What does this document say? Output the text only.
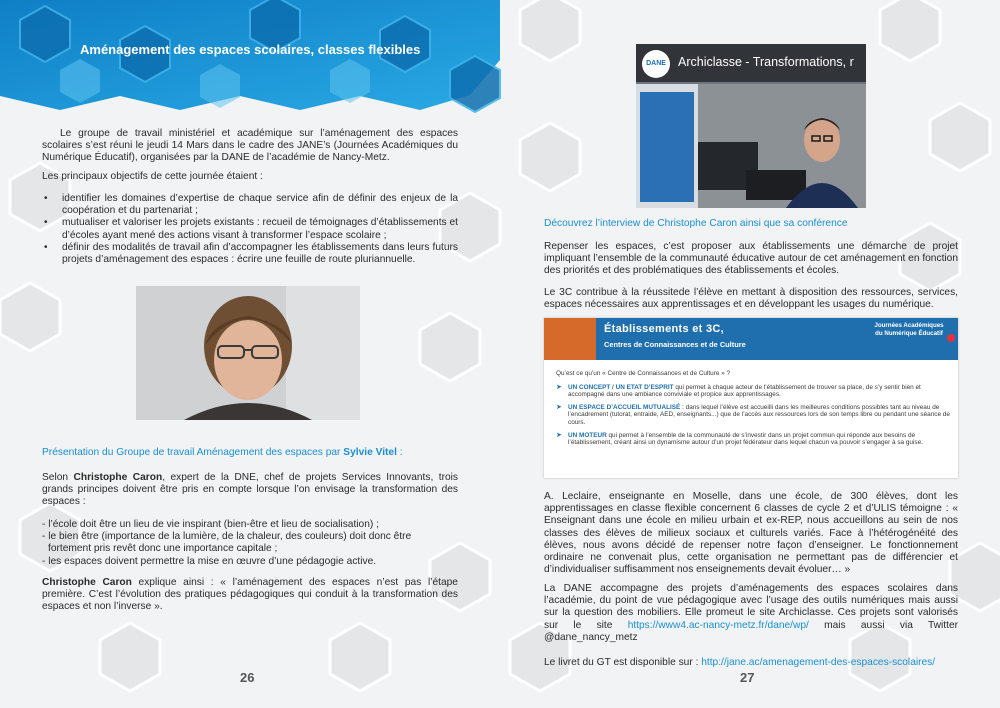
Aménagement des espaces scolaires, classes flexibles
Le groupe de travail ministériel et académique sur l’aménagement des espaces scolaires s’est réuni le jeudi 14 Mars dans le cadre des JANE’s (Journées Académiques du Numérique Éducatif), organisées par la DANE de l’académie de Nancy-Metz.
Les principaux objectifs de cette journée étaient :
• identifier les domaines d’expertise de chaque service afin de définir des enjeux de la coopération et du partenariat ;
• mutualiser et valoriser les projets existants : recueil de témoignages d’établissements et d’écoles ayant mené des actions visant à transformer l’espace scolaire ;
• définir des modalités de travail afin d’accompagner les établissements dans leurs futurs projets d’aménagement des espaces : écrire une feuille de route pluriannuelle.
Présentation du Groupe de travail Aménagement des espaces par Sylvie Vitel :
Selon Christophe Caron, expert de la DNE, chef de projets Services Innovants, trois grands principes doivent être pris en compte lorsque l’on envisage la transformation des espaces :
- l’école doit être un lieu de vie inspirant (bien-être et lieu de socialisation) ;
- le bien être (importance de la lumière, de la chaleur, des couleurs) doit donc être
fortement pris revêt donc une importance capitale ;
- les espaces doivent permettre la mise en œuvre d’une pédagogie active.
Christophe Caron explique ainsi : « l’aménagement des espaces n’est pas l’étape première. C’est l’évolution des pratiques pédagogiques qui conduit à la transformation des espaces et non l’inverse ».
26
DANE Archiclasse - Transformations, r
Découvrez l’interview de Christophe Caron ainsi que sa conférence
Repenser les espaces, c’est proposer aux établissements une démarche de projet impliquant l’ensemble de la communauté éducative autour de cet aménagement en fonction des priorités et des problématiques des établissements et écoles.
Le 3C contribue à la réussitede l’élève en mettant à disposition des ressources, services, espaces nécessaires aux apprentissages et en développant les usages du numérique.
Établissements et 3C,
Centres de Connaissances et de Culture
Journées Académiques du Numérique Éducatif
Qu’est ce qu’un « Centre de Connaissances et de Culture » ?
➤ UN CONCEPT / UN ETAT D’ESPRIT qui permet à chaque acteur de l’établissement de trouver sa place, de s’y sentir bien et accompagné dans une ambiance conviviale et propice aux apprentissages.
➤ UN ESPACE D’ACCUEIL MUTUALISÉ : dans lequel l’élève est accueilli dans les meilleures conditions possibles tant au niveau de l’encadrement (tutorat, entraide, AED, enseignants...) que de l’accès aux ressources lors de son temps libre ou pendant une séance de cours.
➤ UN MOTEUR qui permet à l’ensemble de la communauté de s’investir dans un projet commun qui réponde aux besoins de l’établissement, créant ainsi un dynamisme autour d’un projet fédérateur dans lequel chacun va pouvoir s’engager à sa guise.
A. Leclaire, enseignante en Moselle, dans une école, de 300 élèves, dont les apprentissages en classe flexible concernent 6 classes de cycle 2 et d’ULIS témoigne : « Enseignant dans une école en milieu urbain et ex-REP, nous accueillons au sein de nos classes des élèves de milieux sociaux et culturels variés. Face à l’hétérogénéité des élèves, nous avons décidé de repenser notre façon d’enseigner. Le fonctionnement ordinaire ne convenait plus, cette organisation ne permettant pas de différencier et d’individualiser suffisamment nos enseignements devait évoluer… »
La DANE accompagne des projets d’aménagements des espaces scolaires dans l’académie, du point de vue pédagogique avec l’usage des outils numériques mais aussi sur la question des mobiliers. Elle promeut le site Archiclasse. Ces projets sont valorisés sur le site https://www4.ac-nancy-metz.fr/dane/wp/ mais aussi via Twitter @dane_nancy_metz
Le livret du GT est disponible sur : http://jane.ac/amenagement-des-espaces-scolaires/
27
